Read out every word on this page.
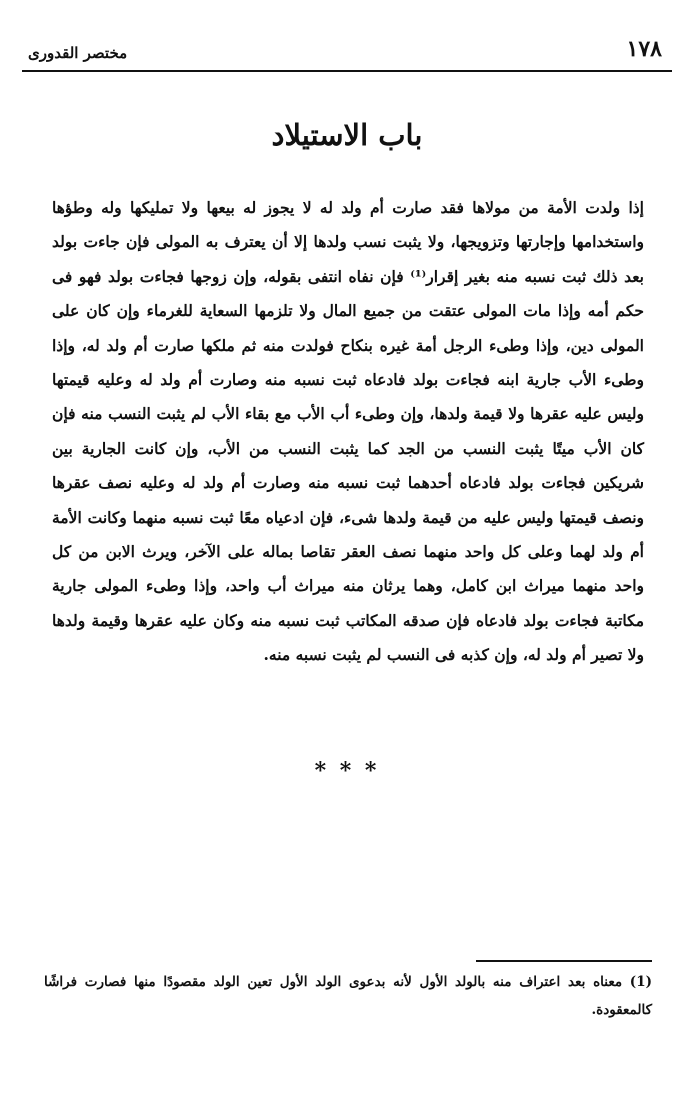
١٧٨
مختصر القدورى
باب الاستيلاد

إذا ولدت الأمة من مولاها فقد صارت أم ولد له لا يجوز له بيعها ولا تمليكها وله وطؤها واستخدامها وإجارتها وتزويجها، ولا يثبت نسب ولدها إلا أن يعترف به المولى فإن جاءت بولد بعد ذلك ثبت نسبه منه بغير إقرار⁽¹⁾ فإن نفاه انتفى بقوله، وإن زوجها فجاءت بولد فهو فى حكم أمه وإذا مات المولى عتقت من جميع المال ولا تلزمها السعاية للغرماء وإن كان على المولى دين، وإذا وطىء الرجل أمة غيره بنكاح فولدت منه ثم ملكها صارت أم ولد له، وإذا وطىء الأب جارية ابنه فجاءت بولد فادعاه ثبت نسبه منه وصارت أم ولد له وعليه قيمتها وليس عليه عقرها ولا قيمة ولدها، وإن وطىء أب الأب مع بقاء الأب لم يثبت النسب منه فإن كان الأب ميتًا يثبت النسب من الجد كما يثبت النسب من الأب، وإن كانت الجارية بين شريكين فجاءت بولد فادعاه أحدهما ثبت نسبه منه وصارت أم ولد له وعليه نصف عقرها ونصف قيمتها وليس عليه من قيمة ولدها شىء، فإن ادعياه معًا ثبت نسبه منهما وكانت الأمة أم ولد لهما وعلى كل واحد منهما نصف العقر تقاصا بماله على الآخر، ويرث الابن من كل واحد منهما ميراث ابن كامل، وهما يرثان منه ميراث أب واحد، وإذا وطىء المولى جارية مكاتبة فجاءت بولد فادعاه فإن صدقه المكاتب ثبت نسبه منه وكان عليه عقرها وقيمة ولدها ولا تصير أم ولد له، وإن كذبه فى النسب لم يثبت نسبه منه.

* * *

(1) معناه بعد اعتراف منه بالولد الأول لأنه بدعوى الولد الأول تعين الولد مقصودًا منها فصارت فراشًا كالمعقودة.
